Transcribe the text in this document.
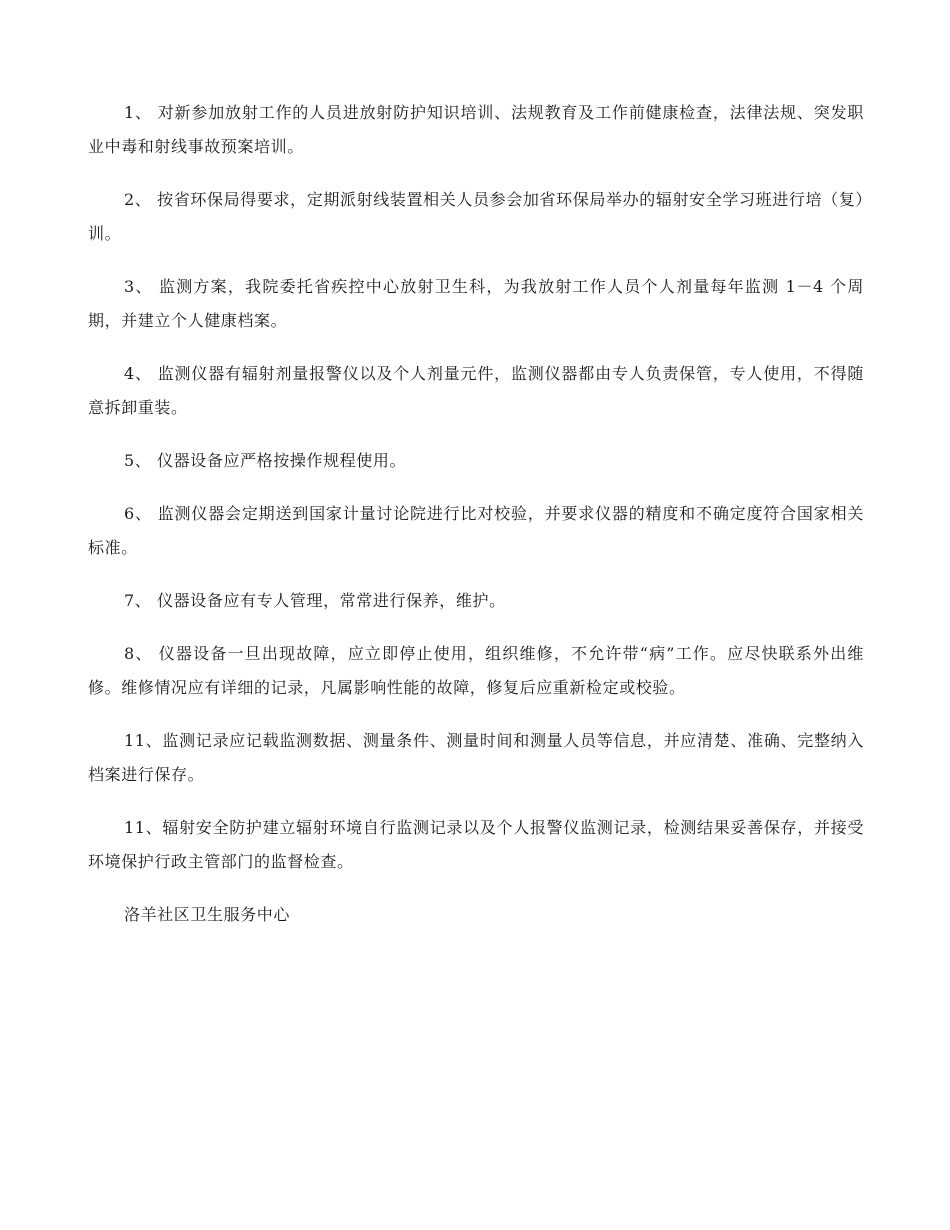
1、 对新参加放射工作的人员进放射防护知识培训、法规教育及工作前健康检查，法律法规、突发职业中毒和射线事故预案培训。

2、 按省环保局得要求，定期派射线装置相关人员参会加省环保局举办的辐射安全学习班进行培（复）训。

3、 监测方案，我院委托省疾控中心放射卫生科，为我放射工作人员个人剂量每年监测 1－4 个周期，并建立个人健康档案。

4、 监测仪器有辐射剂量报警仪以及个人剂量元件，监测仪器都由专人负责保管，专人使用，不得随意拆卸重装。

5、 仪器设备应严格按操作规程使用。

6、 监测仪器会定期送到国家计量讨论院进行比对校验，并要求仪器的精度和不确定度符合国家相关标准。

7、 仪器设备应有专人管理，常常进行保养，维护。

8、 仪器设备一旦出现故障，应立即停止使用，组织维修，不允许带“病”工作。应尽快联系外出维修。维修情况应有详细的记录，凡属影响性能的故障，修复后应重新检定或校验。

11、监测记录应记载监测数据、测量条件、测量时间和测量人员等信息，并应清楚、准确、完整纳入档案进行保存。

11、辐射安全防护建立辐射环境自行监测记录以及个人报警仪监测记录，检测结果妥善保存，并接受环境保护行政主管部门的监督检查。

洛羊社区卫生服务中心
